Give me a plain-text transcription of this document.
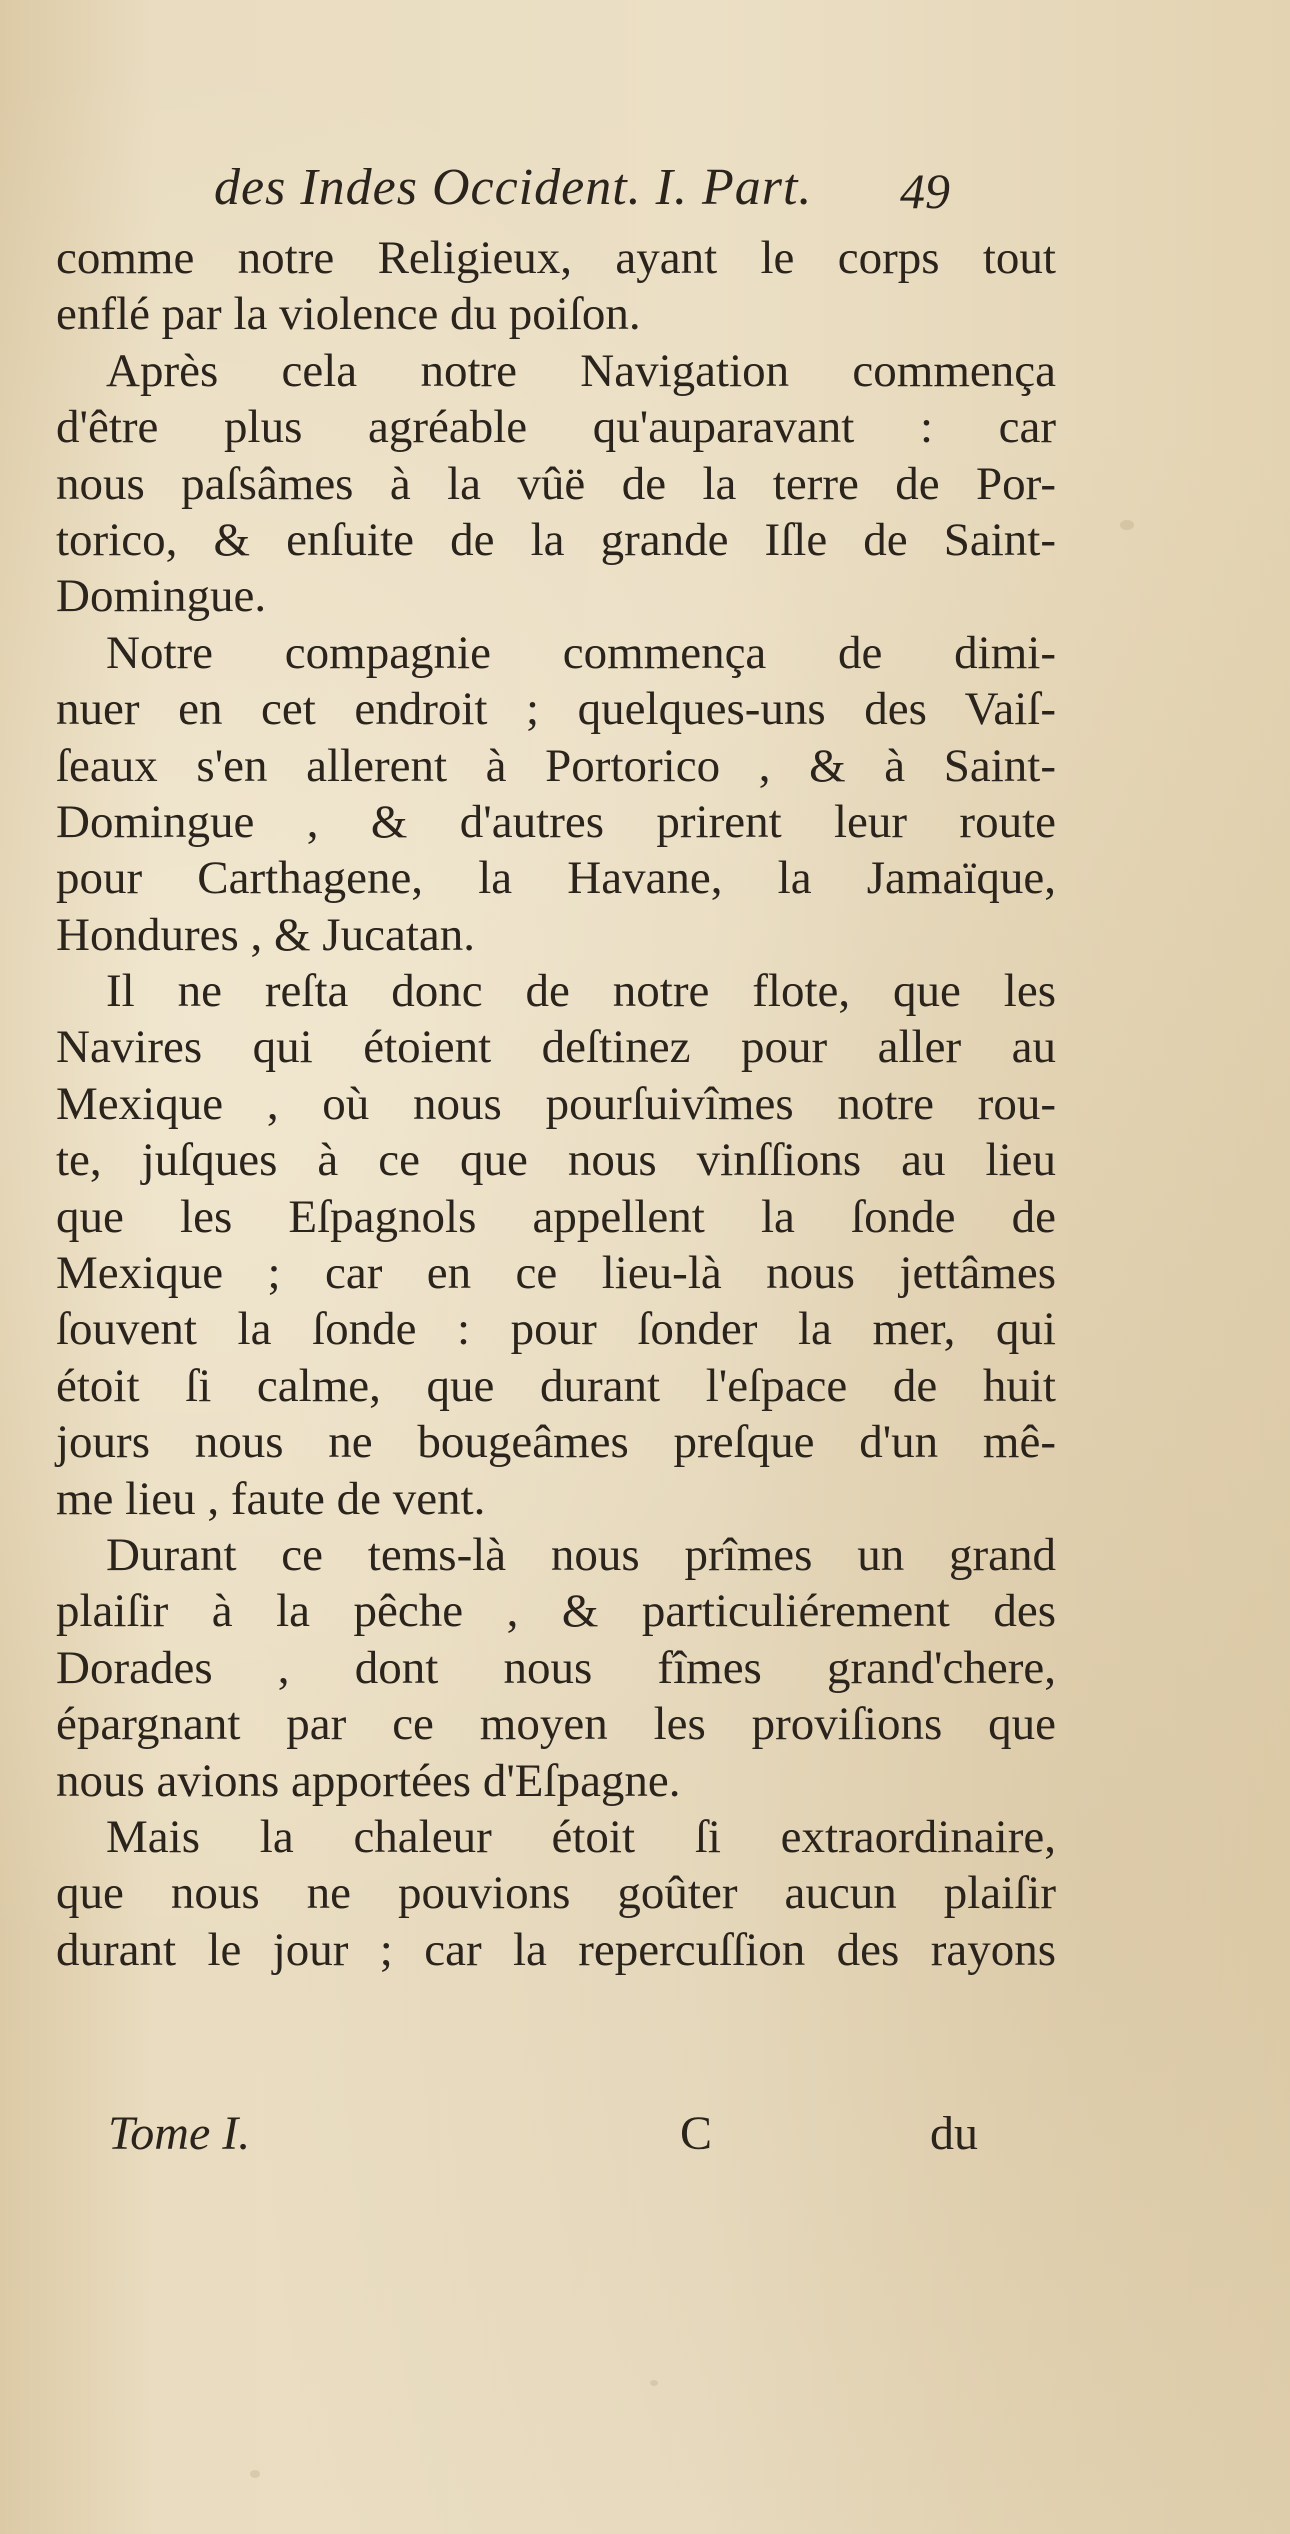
des Indes Occident. I. Part. 49
comme notre Religieux, ayant le corps tout
enflé par la violence du poiſon.
Après cela notre Navigation commença
d'être plus agréable qu'auparavant : car
nous paſsâmes à la vûë de la terre de Por-
torico, & enſuite de la grande Iſle de Saint-
Domingue.
Notre compagnie commença de dimi-
nuer en cet endroit ; quelques-uns des Vaiſ-
ſeaux s'en allerent à Portorico , & à Saint-
Domingue , & d'autres prirent leur route
pour Carthagene, la Havane, la Jamaïque,
Hondures , & Jucatan.
Il ne reſta donc de notre flote, que les
Navires qui étoient deſtinez pour aller au
Mexique , où nous pourſuivîmes notre rou-
te, juſques à ce que nous vinſſions au lieu
que les Eſpagnols appellent la ſonde de
Mexique ; car en ce lieu-là nous jettâmes
ſouvent la ſonde : pour ſonder la mer, qui
étoit ſi calme, que durant l'eſpace de huit
jours nous ne bougeâmes preſque d'un mê-
me lieu , faute de vent.
Durant ce tems-là nous prîmes un grand
plaiſir à la pêche , & particuliérement des
Dorades , dont nous fîmes grand'chere,
épargnant par ce moyen les proviſions que
nous avions apportées d'Eſpagne.
Mais la chaleur étoit ſi extraordinaire,
que nous ne pouvions goûter aucun plaiſir
durant le jour ; car la repercuſſion des rayons
Tome I.	C	du
